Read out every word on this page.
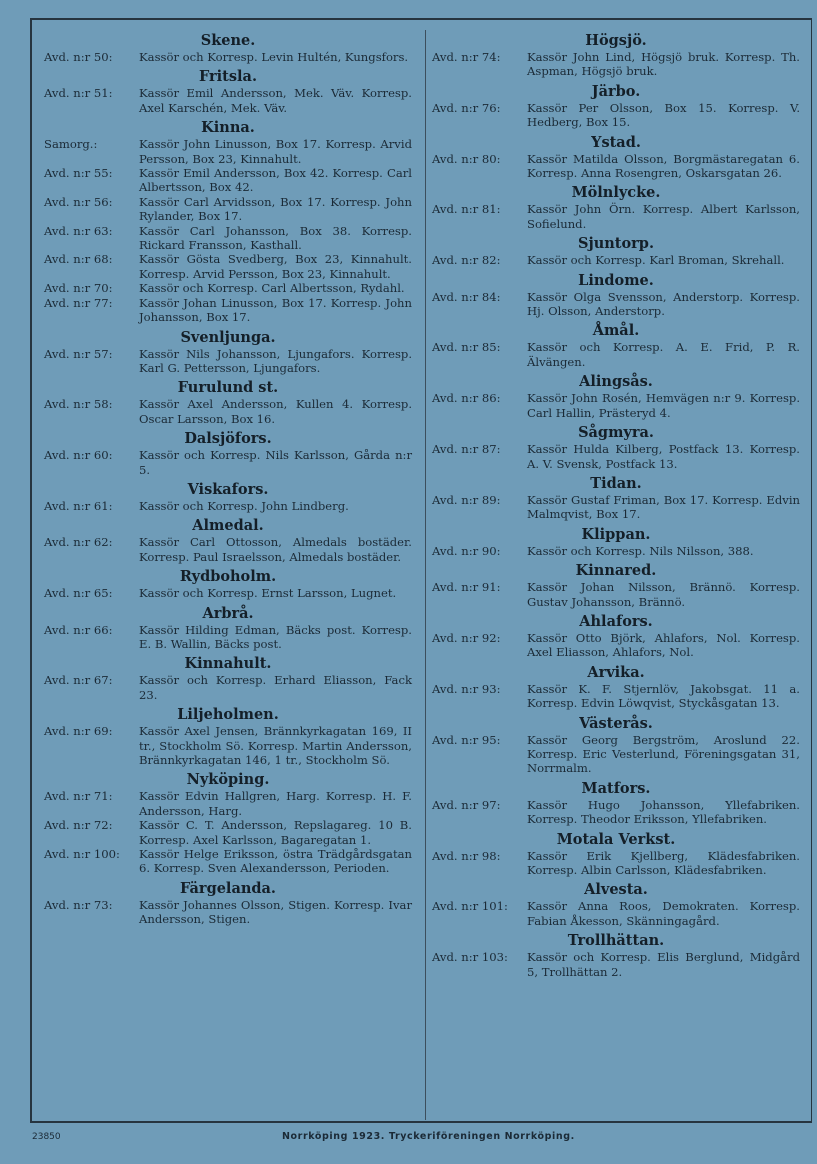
Skene.
Avd. n:r 50:	Kassör och Korresp. Levin Hultén, Kungsfors.
Fritsla.
Avd. n:r 51:	Kassör Emil Andersson, Mek. Väv. Korresp. Axel Karschén, Mek. Väv.
Kinna.
Samorg.:	Kassör John Linusson, Box 17. Korresp. Arvid Persson, Box 23, Kinnahult.
Avd. n:r 55:	Kassör Emil Andersson, Box 42. Korresp. Carl Albertsson, Box 42.
Avd. n:r 56:	Kassör Carl Arvidsson, Box 17. Korresp. John Rylander, Box 17.
Avd. n:r 63:	Kassör Carl Johansson, Box 38. Korresp. Rickard Fransson, Kasthall.
Avd. n:r 68:	Kassör Gösta Svedberg, Box 23, Kinnahult. Korresp. Arvid Persson, Box 23, Kinnahult.
Avd. n:r 70:	Kassör och Korresp. Carl Albertsson, Rydahl.
Avd. n:r 77:	Kassör Johan Linusson, Box 17. Korresp. John Johansson, Box 17.
Svenljunga.
Avd. n:r 57:	Kassör Nils Johansson, Ljungafors. Korresp. Karl G. Pettersson, Ljungafors.
Furulund st.
Avd. n:r 58:	Kassör Axel Andersson, Kullen 4. Korresp. Oscar Larsson, Box 16.
Dalsjöfors.
Avd. n:r 60:	Kassör och Korresp. Nils Karlsson, Gårda n:r 5.
Viskafors.
Avd. n:r 61:	Kassör och Korresp. John Lindberg.
Almedal.
Avd. n:r 62:	Kassör Carl Ottosson, Almedals bostäder. Korresp. Paul Israelsson, Almedals bostäder.
Rydboholm.
Avd. n:r 65:	Kassör och Korresp. Ernst Larsson, Lugnet.
Arbrå.
Avd. n:r 66:	Kassör Hilding Edman, Bäcks post. Korresp. E. B. Wallin, Bäcks post.
Kinnahult.
Avd. n:r 67:	Kassör och Korresp. Erhard Eliasson, Fack 23.
Liljeholmen.
Avd. n:r 69:	Kassör Axel Jensen, Brännkyrkagatan 169, II tr., Stockholm Sö. Korresp. Martin Andersson, Brännkyrkagatan 146, 1 tr., Stockholm Sö.
Nyköping.
Avd. n:r 71:	Kassör Edvin Hallgren, Harg. Korresp. H. F. Andersson, Harg.
Avd. n:r 72:	Kassör C. T. Andersson, Repslagareg. 10 B. Korresp. Axel Karlsson, Bagaregatan 1.
Avd. n:r 100:	Kassör Helge Eriksson, östra Trädgårdsgatan 6. Korresp. Sven Alexandersson, Perioden.
Färgelanda.
Avd. n:r 73:	Kassör Johannes Olsson, Stigen. Korresp. Ivar Andersson, Stigen.
Högsjö.
Avd. n:r 74:	Kassör John Lind, Högsjö bruk. Korresp. Th. Aspman, Högsjö bruk.
Järbo.
Avd. n:r 76:	Kassör Per Olsson, Box 15. Korresp. V. Hedberg, Box 15.
Ystad.
Avd. n:r 80:	Kassör Matilda Olsson, Borgmästaregatan 6. Korresp. Anna Rosengren, Oskarsgatan 26.
Mölnlycke.
Avd. n:r 81:	Kassör John Örn. Korresp. Albert Karlsson, Sofielund.
Sjuntorp.
Avd. n:r 82:	Kassör och Korresp. Karl Broman, Skrehall.
Lindome.
Avd. n:r 84:	Kassör Olga Svensson, Anderstorp. Korresp. Hj. Olsson, Anderstorp.
Åmål.
Avd. n:r 85:	Kassör och Korresp. A. E. Frid, P. R. Älvängen.
Alingsås.
Avd. n:r 86:	Kassör John Rosén, Hemvägen n:r 9. Korresp. Carl Hallin, Prästeryd 4.
Sågmyra.
Avd. n:r 87:	Kassör Hulda Kilberg, Postfack 13. Korresp. A. V. Svensk, Postfack 13.
Tidan.
Avd. n:r 89:	Kassör Gustaf Friman, Box 17. Korresp. Edvin Malmqvist, Box 17.
Klippan.
Avd. n:r 90:	Kassör och Korresp. Nils Nilsson, 388.
Kinnared.
Avd. n:r 91:	Kassör Johan Nilsson, Brännö. Korresp. Gustav Johansson, Brännö.
Ahlafors.
Avd. n:r 92:	Kassör Otto Björk, Ahlafors, Nol. Korresp. Axel Eliasson, Ahlafors, Nol.
Arvika.
Avd. n:r 93:	Kassör K. F. Stjernlöv, Jakobsgat. 11 a. Korresp. Edvin Löwqvist, Styckåsgatan 13.
Västerås.
Avd. n:r 95:	Kassör Georg Bergström, Aroslund 22. Korresp. Eric Vesterlund, Föreningsgatan 31, Norrmalm.
Matfors.
Avd. n:r 97:	Kassör Hugo Johansson, Yllefabriken. Korresp. Theodor Eriksson, Yllefabriken.
Motala Verkst.
Avd. n:r 98:	Kassör Erik Kjellberg, Klädesfabriken. Korresp. Albin Carlsson, Klädesfabriken.
Alvesta.
Avd. n:r 101:	Kassör Anna Roos, Demokraten. Korresp. Fabian Åkesson, Skänningagård.
Trollhättan.
Avd. n:r 103:	Kassör och Korresp. Elis Berglund, Midgård 5, Trollhättan 2.
23850	Norrköping 1923. Tryckeriföreningen Norrköping.
